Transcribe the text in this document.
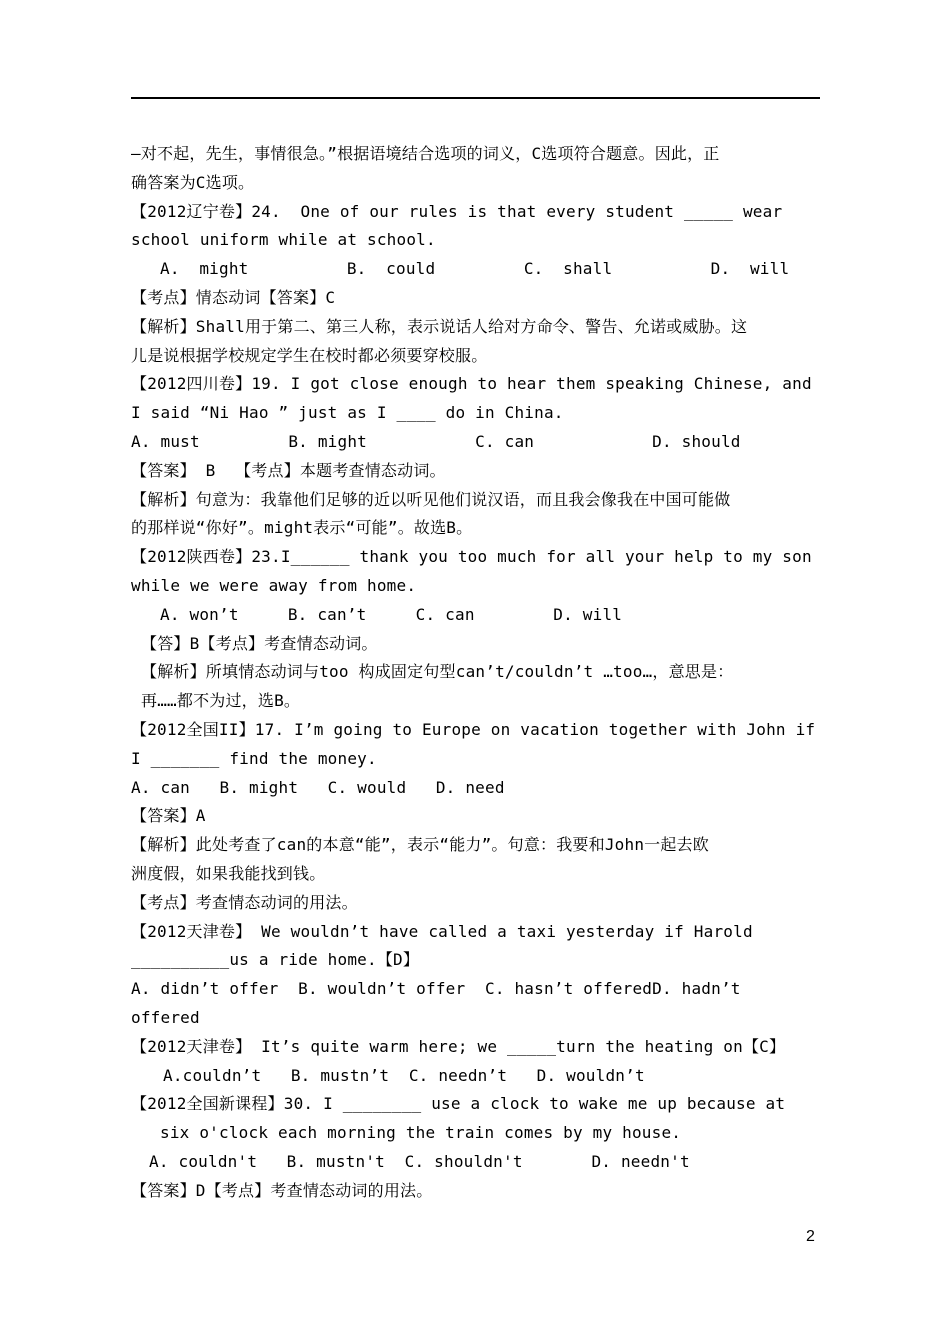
—对不起，先生，事情很急。”根据语境结合选项的词义，C选项符合题意。因此，正
确答案为C选项。
【2012辽宁卷】24.  One of our rules is that every student _____ wear
school uniform while at school.
A.  might          B.  could         C.  shall          D.  will
【考点】情态动词【答案】C
【解析】Shall用于第二、第三人称，表示说话人给对方命令、警告、允诺或威胁。这
儿是说根据学校规定学生在校时都必须要穿校服。
【2012四川卷】19. I got close enough to hear them speaking Chinese, and
I said “Ni Hao ” just as I ____ do in China.
A. must         B. might           C. can            D. should
【答案】 B  【考点】本题考查情态动词。
【解析】句意为：我靠他们足够的近以听见他们说汉语，而且我会像我在中国可能做
的那样说“你好”。might表示“可能”。故选B。
【2012陕西卷】23.I______ thank you too much for all your help to my son
while we were away from home.
A. won’t     B. can’t     C. can        D. will
【答】B【考点】考查情态动词。
【解析】所填情态动词与too 构成固定句型can’t/couldn’t …too…，意思是：
再……都不为过，选B。
【2012全国II】17. I’m going to Europe on vacation together with John if
I _______ find the money.
A. can   B. might   C. would   D. need
【答案】A
【解析】此处考查了can的本意“能”，表示“能力”。句意：我要和John一起去欧
洲度假，如果我能找到钱。
【考点】考查情态动词的用法。
【2012天津卷】 We wouldn’t have called a taxi yesterday if Harold
__________us a ride home.【D】
A. didn’t offer  B. wouldn’t offer  C. hasn’t offeredD. hadn’t
offered
【2012天津卷】 It’s quite warm here; we _____turn the heating on【C】
A.couldn’t   B. mustn’t  C. needn’t   D. wouldn’t
【2012全国新课程】30. I ________ use a clock to wake me up because at
six o'clock each morning the train comes by my house.
A. couldn't   B. mustn't  C. shouldn't       D. needn't
【答案】D【考点】考查情态动词的用法。
2
